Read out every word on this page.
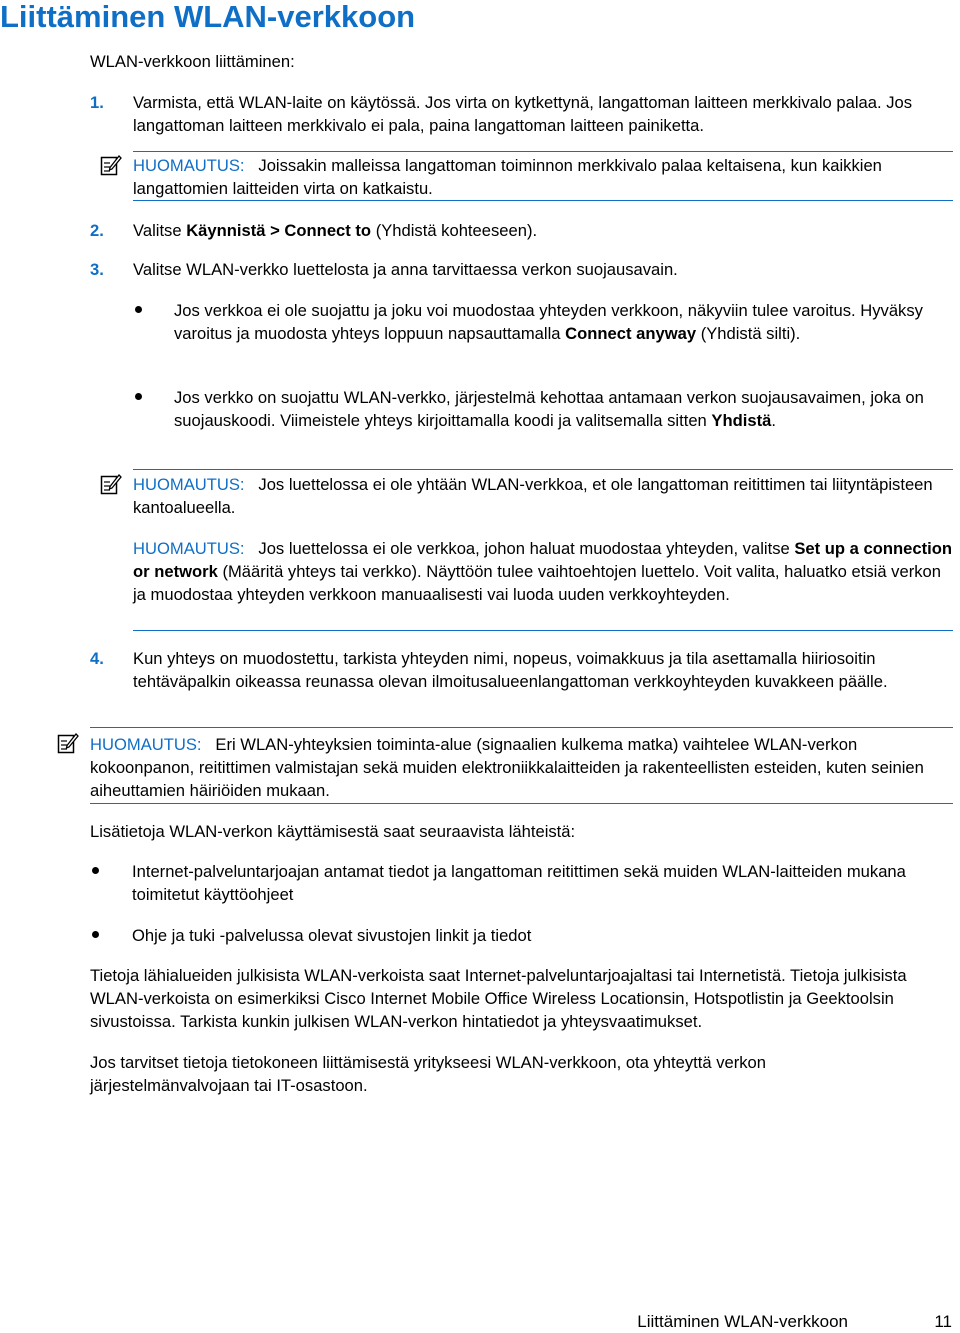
Liittäminen WLAN-verkkoon
WLAN-verkkoon liittäminen:
1. Varmista, että WLAN-laite on käytössä. Jos virta on kytkettynä, langattoman laitteen merkkivalo palaa. Jos langattoman laitteen merkkivalo ei pala, paina langattoman laitteen painiketta.
HUOMAUTUS: Joissakin malleissa langattoman toiminnon merkkivalo palaa keltaisena, kun kaikkien langattomien laitteiden virta on katkaistu.
2. Valitse Käynnistä > Connect to (Yhdistä kohteeseen).
3. Valitse WLAN-verkko luettelosta ja anna tarvittaessa verkon suojausavain.
Jos verkkoa ei ole suojattu ja joku voi muodostaa yhteyden verkkoon, näkyviin tulee varoitus. Hyväksy varoitus ja muodosta yhteys loppuun napsauttamalla Connect anyway (Yhdistä silti).
Jos verkko on suojattu WLAN-verkko, järjestelmä kehottaa antamaan verkon suojausavaimen, joka on suojauskoodi. Viimeistele yhteys kirjoittamalla koodi ja valitsemalla sitten Yhdistä.
HUOMAUTUS: Jos luettelossa ei ole yhtään WLAN-verkkoa, et ole langattoman reitittimen tai liityntäpisteen kantoalueella.
HUOMAUTUS: Jos luettelossa ei ole verkkoa, johon haluat muodostaa yhteyden, valitse Set up a connection or network (Määritä yhteys tai verkko). Näyttöön tulee vaihtoehtojen luettelo. Voit valita, haluatko etsiä verkon ja muodostaa yhteyden verkkoon manuaalisesti vai luoda uuden verkkoyhteyden.
4. Kun yhteys on muodostettu, tarkista yhteyden nimi, nopeus, voimakkuus ja tila asettamalla hiiriosoitin tehtäväpalkin oikeassa reunassa olevan ilmoitusalueenlangattoman verkkoyhteyden kuvakkeen päälle.
HUOMAUTUS: Eri WLAN-yhteyksien toiminta-alue (signaalien kulkema matka) vaihtelee WLAN-verkon kokoonpanon, reitittimen valmistajan sekä muiden elektroniikkalaitteiden ja rakenteellisten esteiden, kuten seinien aiheuttamien häiriöiden mukaan.
Lisätietoja WLAN-verkon käyttämisestä saat seuraavista lähteistä:
Internet-palveluntarjoajan antamat tiedot ja langattoman reitittimen sekä muiden WLAN-laitteiden mukana toimitetut käyttöohjeet
Ohje ja tuki -palvelussa olevat sivustojen linkit ja tiedot
Tietoja lähialueiden julkisista WLAN-verkoista saat Internet-palveluntarjoajaltasi tai Internetistä. Tietoja julkisista WLAN-verkoista on esimerkiksi Cisco Internet Mobile Office Wireless Locationsin, Hotspotlistin ja Geektoolsin sivustoissa. Tarkista kunkin julkisen WLAN-verkon hintatiedot ja yhteysvaatimukset.
Jos tarvitset tietoja tietokoneen liittämisestä yritykseesi WLAN-verkkoon, ota yhteyttä verkon järjestelmänvalvojaan tai IT-osastoon.
Liittäminen WLAN-verkkoon	11
